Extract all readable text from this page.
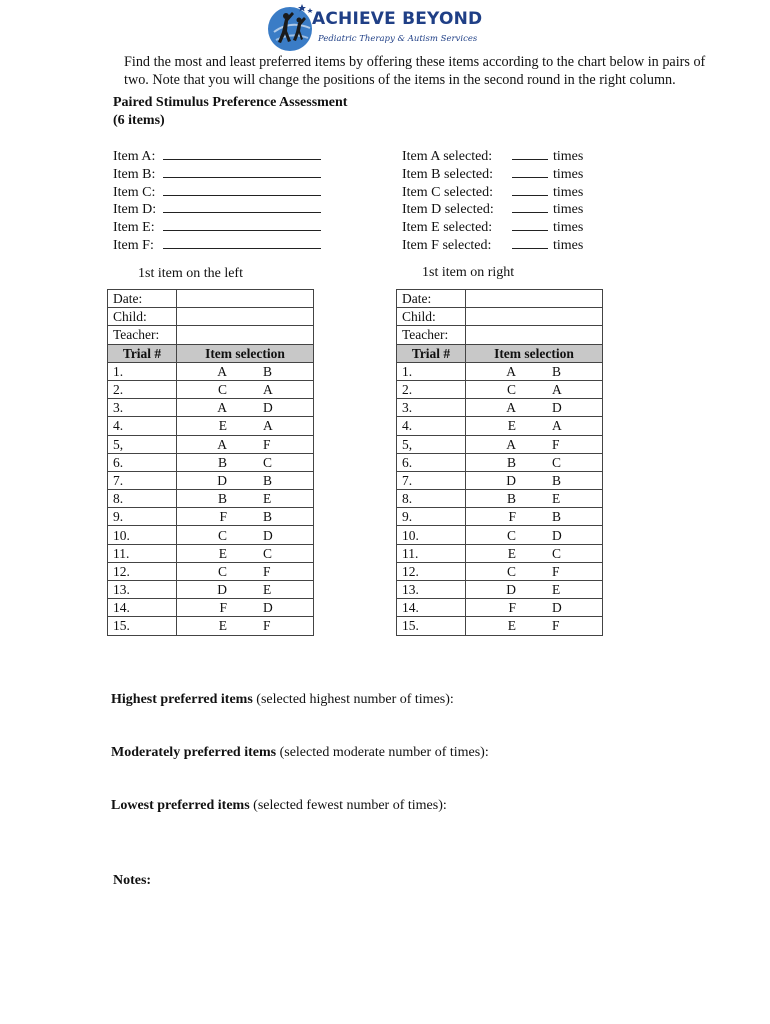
ACHIEVE BEYOND
Pediatric Therapy & Autism Services

Find the most and least preferred items by offering these items according to the chart below in pairs of

two. Note that you will change the positions of the items in the second round in the right column.

Paired Stimulus Preference Assessment
(6 items)
Item A:
Item B:
Item C:
Item D:
Item E:
Item F:
Item A selected:	times
Item B selected:	times
Item C selected:	times
Item D selected:	times
Item E selected:	times
Item F selected:	times
1st item on the left	1st item on right
Date:	
Child:	
Teacher:	
Trial #	Item selection
1.	A B

2.	C A

3.	A D

4.	E A

5,	A F

6.	B C

7.	D B

8.	B E

9.	F B

10.	C D

11.	E C

12.	C F

13.	D E

14.	F D

15.	E F
Date:	
Child:	
Teacher:	
Trial #	Item selection
1.	A B

2.	C A

3.	A D

4.	E A

5,	A F

6.	B C

7.	D B

8.	B E

9.	F B

10.	C D

11.	E C

12.	C F

13.	D E

14.	F D

15.	E F
Highest preferred items (selected highest number of times):
Moderately preferred items (selected moderate number of times):
Lowest preferred items (selected fewest number of times):
Notes:
